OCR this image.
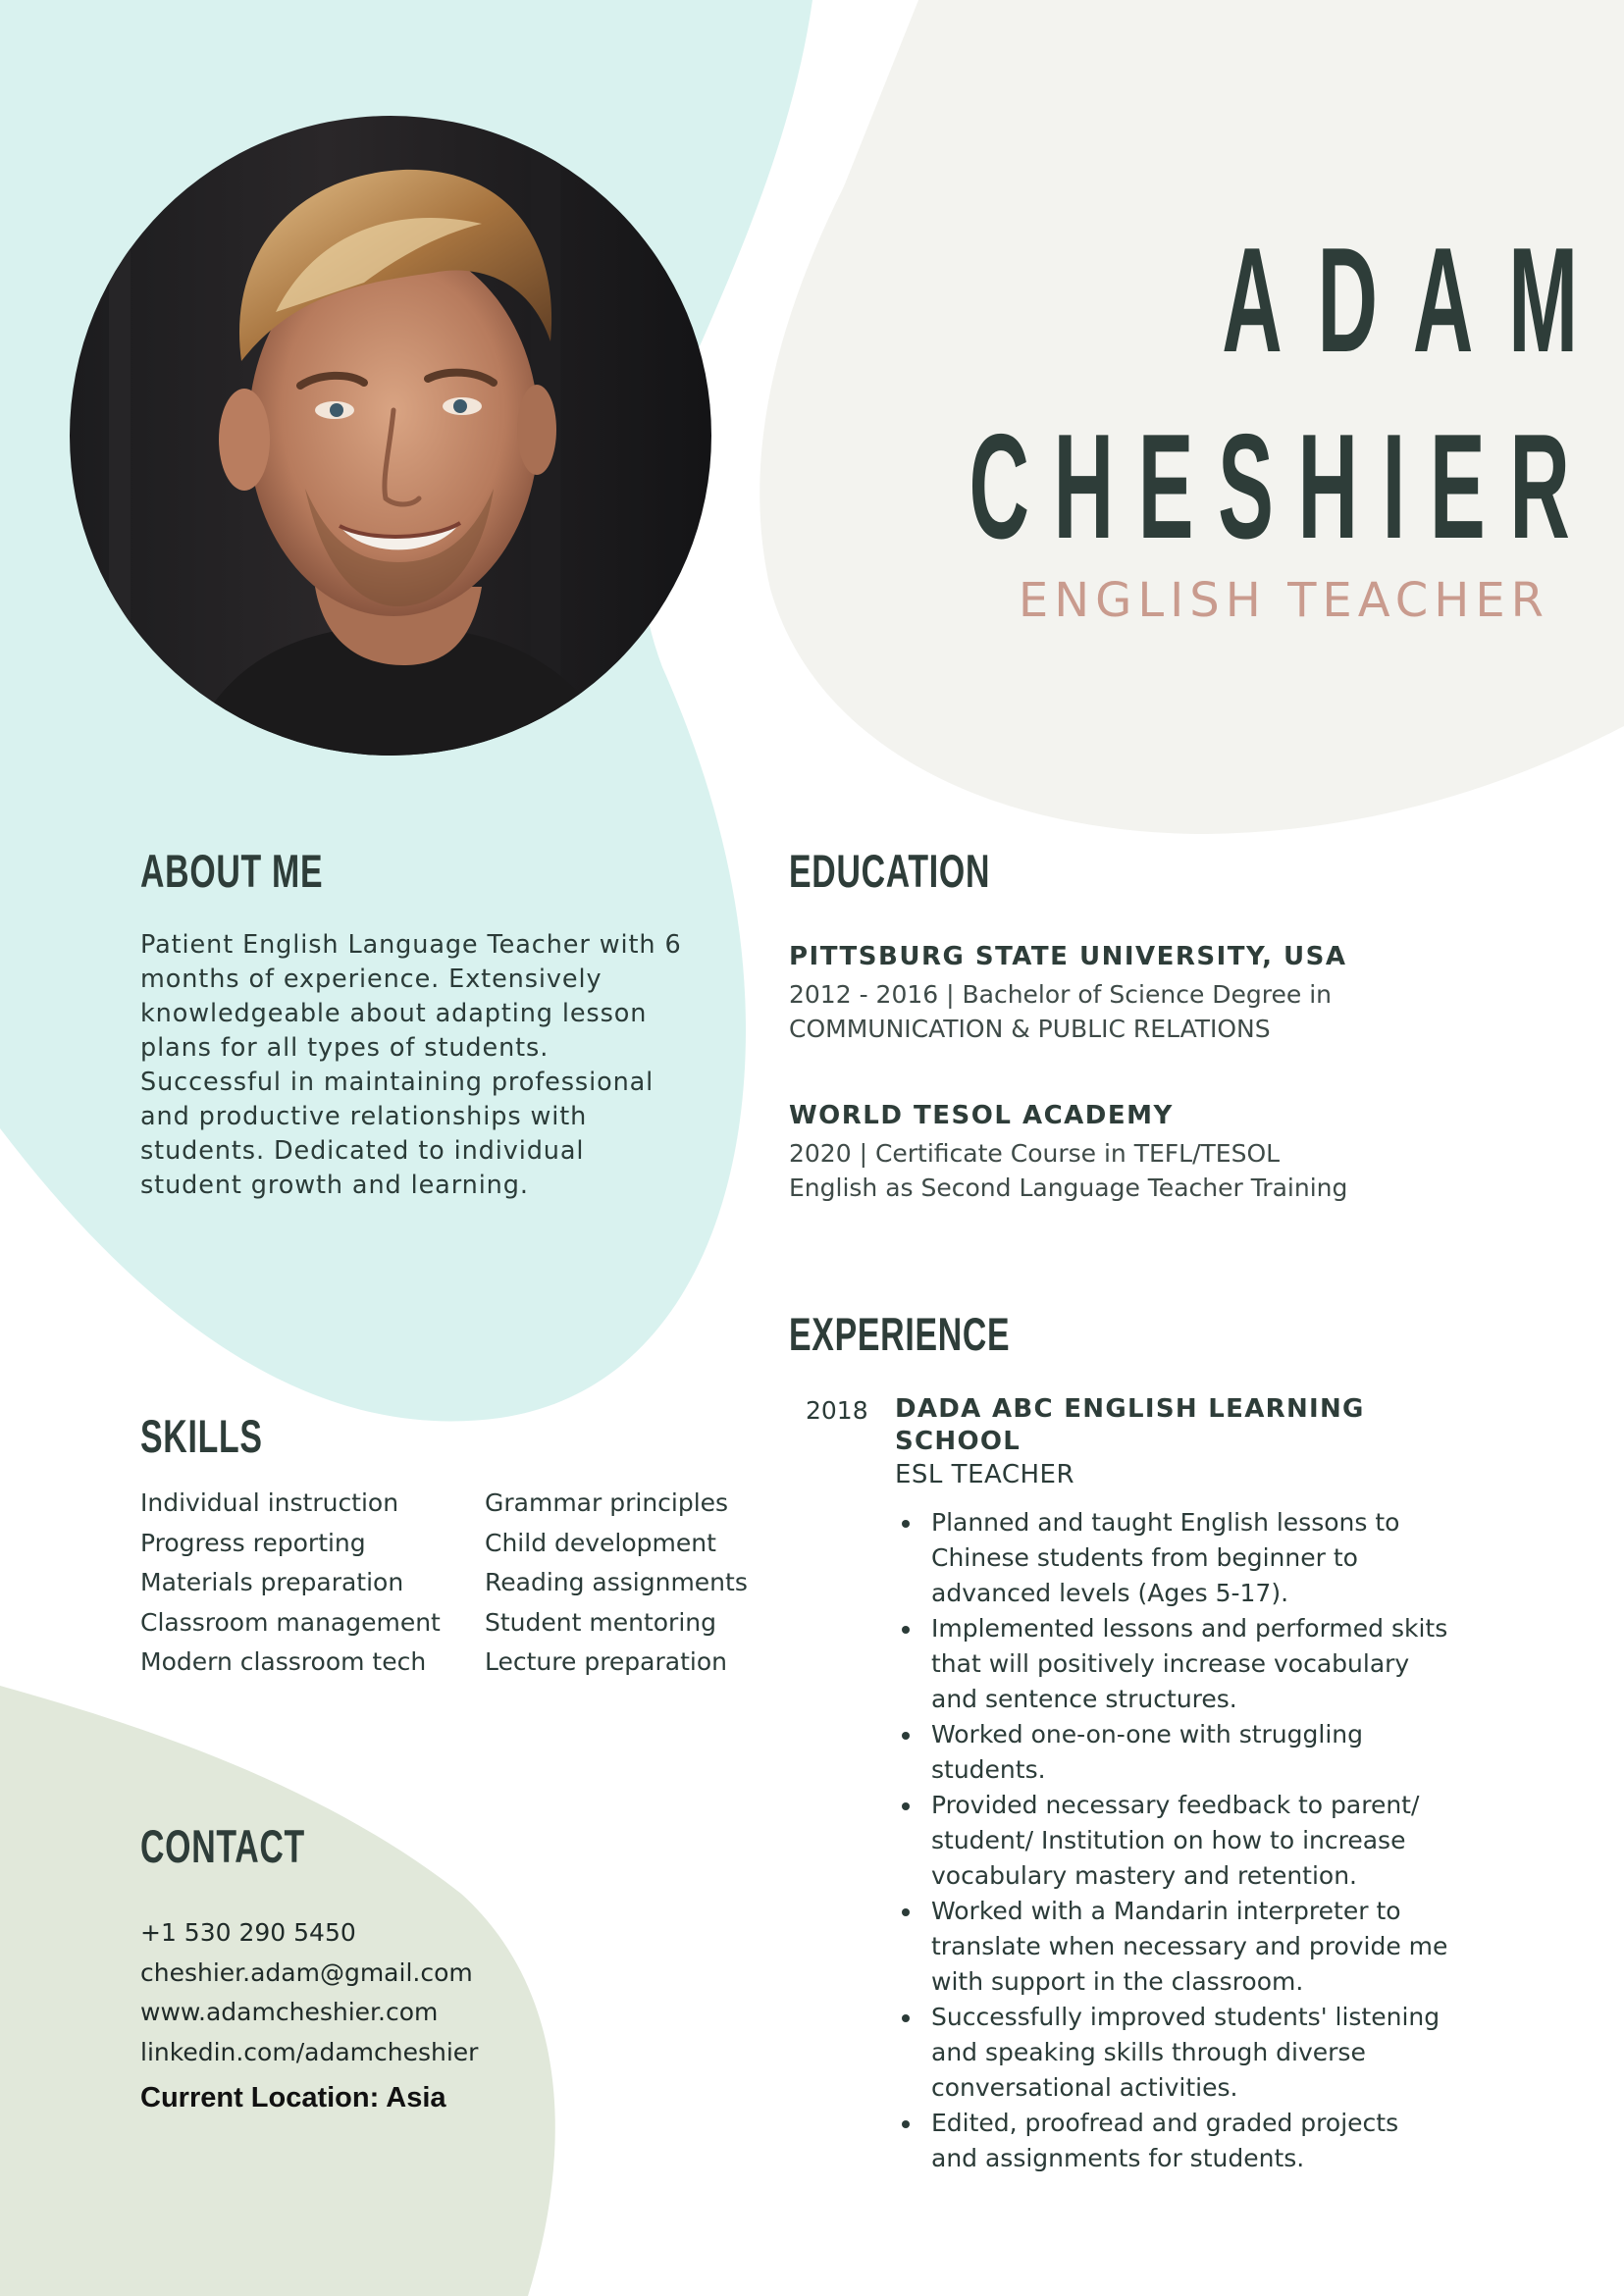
ADAM
CHESHIER

ENGLISH TEACHER

ABOUT ME

Patient English Language Teacher with 6 months of experience. Extensively knowledgeable about adapting lesson plans for all types of students. Successful in maintaining professional and productive relationships with students. Dedicated to individual student growth and learning.

EDUCATION

PITTSBURG STATE UNIVERSITY, USA

2012 - 2016 | Bachelor of Science Degree in

COMMUNICATION & PUBLIC RELATIONS

WORLD TESOL ACADEMY

2020 | Certificate Course in TEFL/TESOL

English as Second Language Teacher Training

EXPERIENCE

2018 DADA ABC ENGLISH LEARNING SCHOOL

ESL TEACHER

Planned and taught English lessons to Chinese students from beginner to advanced levels (Ages 5-17).
Implemented lessons and performed skits that will positively increase vocabulary and sentence structures.
Worked one-on-one with struggling students.
Provided necessary feedback to parent/ student/ Institution on how to increase vocabulary mastery and retention.
Worked with a Mandarin interpreter to translate when necessary and provide me with support in the classroom.
Successfully improved students' listening and speaking skills through diverse conversational activities.
Edited, proofread and graded projects and assignments for students.
SKILLS
Individual instruction
Progress reporting
Materials preparation
Classroom management
Modern classroom tech
Grammar principles
Child development
Reading assignments
Student mentoring
Lecture preparation
CONTACT
+1 530 290 5450
cheshier.adam@gmail.com
www.adamcheshier.com
linkedin.com/adamcheshier

Current Location: Asia
